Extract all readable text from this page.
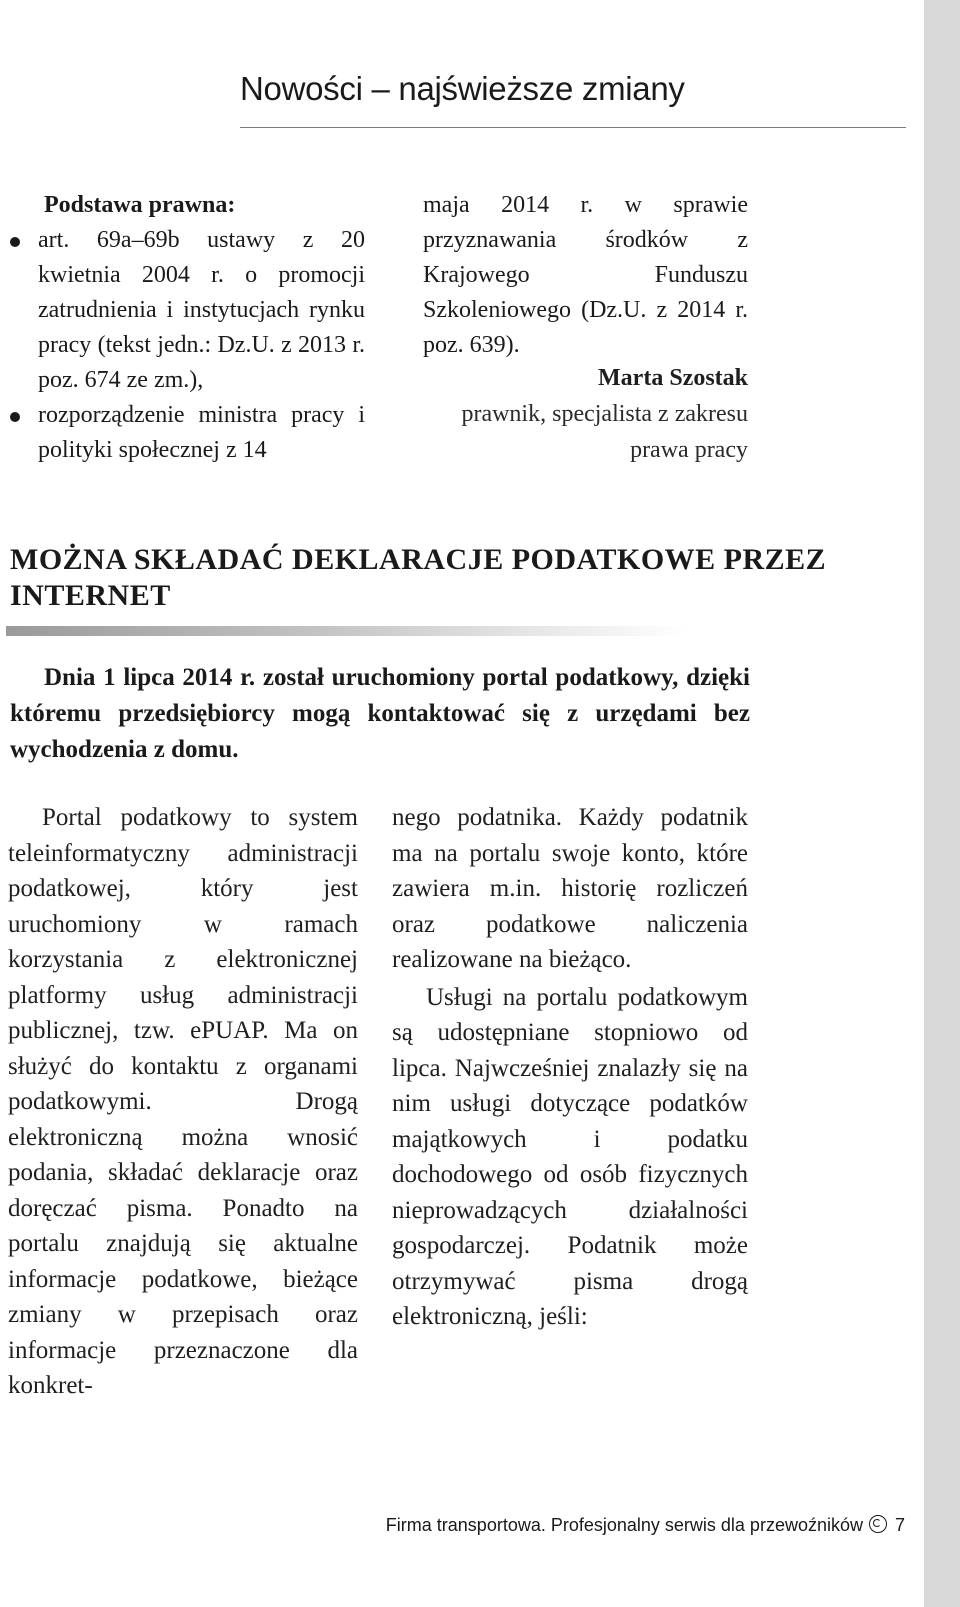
Nowości – najświeższe zmiany
Podstawa prawna:
art. 69a–69b ustawy z 20 kwietnia 2004 r. o promocji zatrudnienia i instytucjach rynku pracy (tekst jedn.: Dz.U. z 2013 r. poz. 674 ze zm.),
rozporządzenie ministra pracy i polityki społecznej z 14

maja 2014 r. w sprawie przyznawania środków z Krajowego Funduszu Szkoleniowego (Dz.U. z 2014 r. poz. 639).

Marta Szostak
prawnik, specjalista z zakresu
prawa pracy
MOŻNA SKŁADAĆ DEKLARACJE PODATKOWE PRZEZ INTERNET

Dnia 1 lipca 2014 r. został uruchomiony portal podatkowy, dzięki któremu przedsiębiorcy mogą kontaktować się z urzędami bez wychodzenia z domu.

Portal podatkowy to system teleinformatyczny administracji podatkowej, który jest uruchomiony w ramach korzystania z elektronicznej platformy usług administracji publicznej, tzw. ePUAP. Ma on służyć do kontaktu z organami podatkowymi. Drogą elektroniczną można wnosić podania, składać deklaracje oraz doręczać pisma. Ponadto na portalu znajdują się aktualne informacje podatkowe, bieżące zmiany w przepisach oraz informacje przeznaczone dla konkret-

nego podatnika. Każdy podatnik ma na portalu swoje konto, które zawiera m.in. historię rozliczeń oraz podatkowe naliczenia realizowane na bieżąco.

Usługi na portalu podatkowym są udostępniane stopniowo od lipca. Najwcześniej znalazły się na nim usługi dotyczące podatków majątkowych i podatku dochodowego od osób fizycznych nieprowadzących działalności gospodarczej. Podatnik może otrzymywać pisma drogą elektroniczną, jeśli:

Firma transportowa. Profesjonalny serwis dla przewoźników 7
